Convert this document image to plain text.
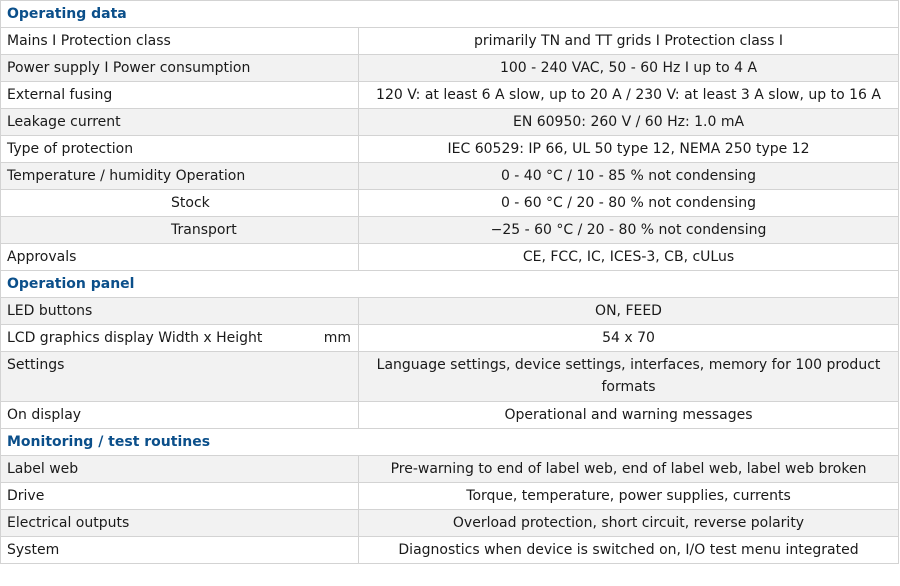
Operating data	
Mains I Protection class	primarily TN and TT grids I Protection class I
Power supply I Power consumption	100 - 240 VAC, 50 - 60 Hz I up to 4 A
External fusing	120 V: at least 6 A slow, up to 20 A / 230 V: at least 3 A slow, up to 16 A
Leakage current	EN 60950: 260 V / 60 Hz: 1.0 mA
Type of protection	IEC 60529: IP 66, UL 50 type 12, NEMA 250 type 12
Temperature / humidity Operation	0 - 40 °C / 10 - 85 % not condensing
Stock	0 - 60 °C / 20 - 80 % not condensing
Transport	−25 - 60 °C / 20 - 80 % not condensing
Approvals	CE, FCC, IC, ICES-3, CB, cULus
Operation panel	
LED buttons	ON, FEED
LCD graphics display Width x Height mm	54 x 70
Settings	Language settings, device settings, interfaces, memory for 100 product formats
On display	Operational and warning messages
Monitoring / test routines	
Label web	Pre-warning to end of label web, end of label web, label web broken
Drive	Torque, temperature, power supplies, currents
Electrical outputs	Overload protection, short circuit, reverse polarity
System	Diagnostics when device is switched on, I/O test menu integrated
